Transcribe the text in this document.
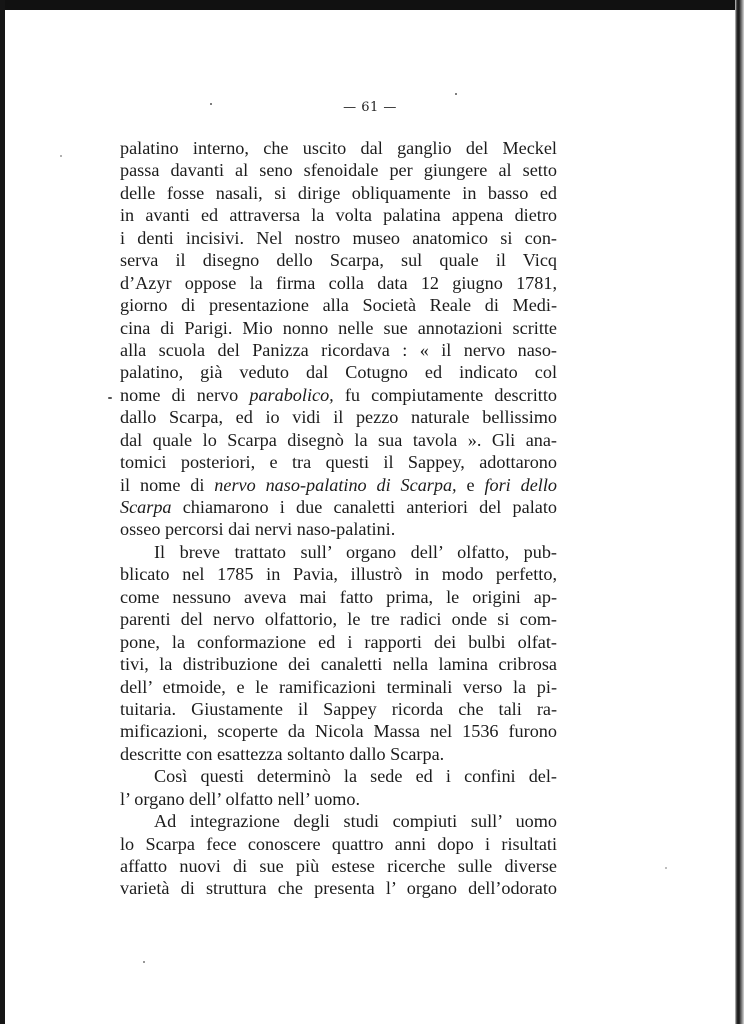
— 61 —
palatino interno, che uscito dal ganglio del Meckel
passa davanti al seno sfenoidale per giungere al setto
delle fosse nasali, si dirige obliquamente in basso ed
in avanti ed attraversa la volta palatina appena dietro
i denti incisivi. Nel nostro museo anatomico si con-
serva il disegno dello Scarpa, sul quale il Vicq
d’Azyr oppose la firma colla data 12 giugno 1781,
giorno di presentazione alla Società Reale di Medi-
cina di Parigi. Mio nonno nelle sue annotazioni scritte
alla scuola del Panizza ricordava : « il nervo naso-
palatino, già veduto dal Cotugno ed indicato col
nome di nervo parabolico, fu compiutamente descritto
dallo Scarpa, ed io vidi il pezzo naturale bellissimo
dal quale lo Scarpa disegnò la sua tavola ». Gli ana-
tomici posteriori, e tra questi il Sappey, adottarono
il nome di nervo naso-palatino di Scarpa, e fori dello
Scarpa chiamarono i due canaletti anteriori del palato
osseo percorsi dai nervi naso-palatini.
Il breve trattato sull’ organo dell’ olfatto, pub-
blicato nel 1785 in Pavia, illustrò in modo perfetto,
come nessuno aveva mai fatto prima, le origini ap-
parenti del nervo olfattorio, le tre radici onde si com-
pone, la conformazione ed i rapporti dei bulbi olfat-
tivi, la distribuzione dei canaletti nella lamina cribrosa
dell’ etmoide, e le ramificazioni terminali verso la pi-
tuitaria. Giustamente il Sappey ricorda che tali ra-
mificazioni, scoperte da Nicola Massa nel 1536 furono
descritte con esattezza soltanto dallo Scarpa.
Così questi determinò la sede ed i confini del-
l’ organo dell’ olfatto nell’ uomo.
Ad integrazione degli studi compiuti sull’ uomo
lo Scarpa fece conoscere quattro anni dopo i risultati
affatto nuovi di sue più estese ricerche sulle diverse
varietà di struttura che presenta l’ organo dell’odorato
